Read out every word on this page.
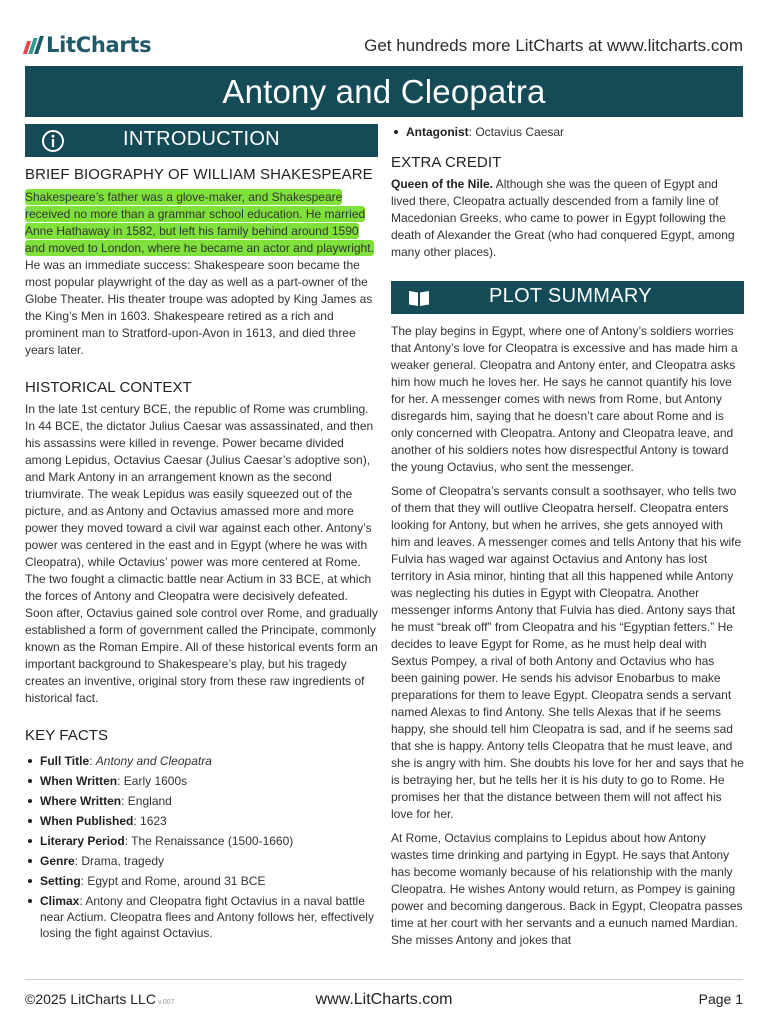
LitCharts	Get hundreds more LitCharts at www.litcharts.com
Antony and Cleopatra
INTRODUCTION
BRIEF BIOGRAPHY OF WILLIAM SHAKESPEARE

Shakespeare’s father was a glove-maker, and Shakespeare received no more than a grammar school education. He married Anne Hathaway in 1582, but left his family behind around 1590 and moved to London, where he became an actor and playwright. He was an immediate success: Shakespeare soon became the most popular playwright of the day as well as a part-owner of the Globe Theater. His theater troupe was adopted by King James as the King’s Men in 1603. Shakespeare retired as a rich and prominent man to Stratford-upon-Avon in 1613, and died three years later.

HISTORICAL CONTEXT

In the late 1st century BCE, the republic of Rome was crumbling. In 44 BCE, the dictator Julius Caesar was assassinated, and then his assassins were killed in revenge. Power became divided among Lepidus, Octavius Caesar (Julius Caesar’s adoptive son), and Mark Antony in an arrangement known as the second triumvirate. The weak Lepidus was easily squeezed out of the picture, and as Antony and Octavius amassed more and more power they moved toward a civil war against each other. Antony’s power was centered in the east and in Egypt (where he was with Cleopatra), while Octavius’ power was more centered at Rome. The two fought a climactic battle near Actium in 33 BCE, at which the forces of Antony and Cleopatra were decisively defeated. Soon after, Octavius gained sole control over Rome, and gradually established a form of government called the Principate, commonly known as the Roman Empire. All of these historical events form an important background to Shakespeare’s play, but his tragedy creates an inventive, original story from these raw ingredients of historical fact.

KEY FACTS
Full Title: Antony and Cleopatra
When Written: Early 1600s
Where Written: England
When Published: 1623
Literary Period: The Renaissance (1500-1660)
Genre: Drama, tragedy
Setting: Egypt and Rome, around 31 BCE
Climax: Antony and Cleopatra fight Octavius in a naval battle near Actium. Cleopatra flees and Antony follows her, effectively losing the fight against Octavius.
Antagonist: Octavius Caesar
EXTRA CREDIT

Queen of the Nile. Although she was the queen of Egypt and lived there, Cleopatra actually descended from a family line of Macedonian Greeks, who came to power in Egypt following the death of Alexander the Great (who had conquered Egypt, among many other places).

PLOT SUMMARY

The play begins in Egypt, where one of Antony’s soldiers worries that Antony’s love for Cleopatra is excessive and has made him a weaker general. Cleopatra and Antony enter, and Cleopatra asks him how much he loves her. He says he cannot quantify his love for her. A messenger comes with news from Rome, but Antony disregards him, saying that he doesn’t care about Rome and is only concerned with Cleopatra. Antony and Cleopatra leave, and another of his soldiers notes how disrespectful Antony is toward the young Octavius, who sent the messenger.

Some of Cleopatra’s servants consult a soothsayer, who tells two of them that they will outlive Cleopatra herself. Cleopatra enters looking for Antony, but when he arrives, she gets annoyed with him and leaves. A messenger comes and tells Antony that his wife Fulvia has waged war against Octavius and Antony has lost territory in Asia minor, hinting that all this happened while Antony was neglecting his duties in Egypt with Cleopatra. Another messenger informs Antony that Fulvia has died. Antony says that he must “break off” from Cleopatra and his “Egyptian fetters.” He decides to leave Egypt for Rome, as he must help deal with Sextus Pompey, a rival of both Antony and Octavius who has been gaining power. He sends his advisor Enobarbus to make preparations for them to leave Egypt. Cleopatra sends a servant named Alexas to find Antony. She tells Alexas that if he seems happy, she should tell him Cleopatra is sad, and if he seems sad that she is happy. Antony tells Cleopatra that he must leave, and she is angry with him. She doubts his love for her and says that he is betraying her, but he tells her it is his duty to go to Rome. He promises her that the distance between them will not affect his love for her.

At Rome, Octavius complains to Lepidus about how Antony wastes time drinking and partying in Egypt. He says that Antony has become womanly because of his relationship with the manly Cleopatra. He wishes Antony would return, as Pompey is gaining power and becoming dangerous. Back in Egypt, Cleopatra passes time at her court with her servants and a eunuch named Mardian. She misses Antony and jokes that

©2025 LitCharts LLC v.007	www.LitCharts.com	Page 1
